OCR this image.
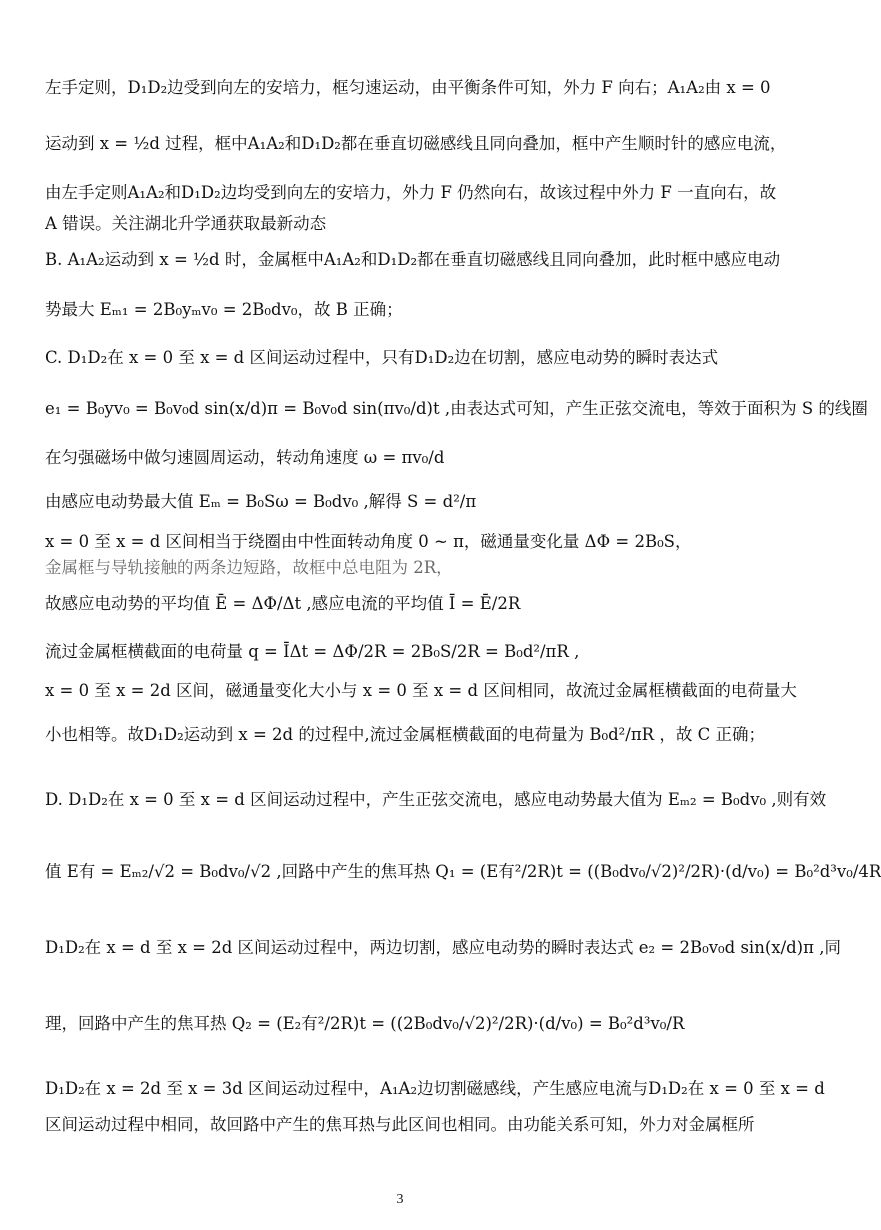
左手定则，D₁D₂边受到向左的安培力，框匀速运动，由平衡条件可知，外力 F 向右；A₁A₂由 x = 0
运动到 x = ½d 过程，框中A₁A₂和D₁D₂都在垂直切磁感线且同向叠加，框中产生顺时针的感应电流，
由左手定则A₁A₂和D₁D₂边均受到向左的安培力，外力 F 仍然向右，故该过程中外力 F 一直向右，故
A 错误。关注湖北升学通获取最新动态
B. A₁A₂运动到 x = ½d 时，金属框中A₁A₂和D₁D₂都在垂直切磁感线且同向叠加，此时框中感应电动
势最大 Eₘ₁ = 2B₀yₘv₀ = 2B₀dv₀，故 B 正确；
C. D₁D₂在 x = 0 至 x = d 区间运动过程中，只有D₁D₂边在切割，感应电动势的瞬时表达式
e₁ = B₀yv₀ = B₀v₀d sin(x/d)π = B₀v₀d sin(πv₀/d)t ,由表达式可知，产生正弦交流电，等效于面积为 S 的线圈
在匀强磁场中做匀速圆周运动，转动角速度 ω = πv₀/d
由感应电动势最大值 Eₘ = B₀Sω = B₀dv₀ ,解得 S = d²/π
x = 0 至 x = d 区间相当于绕圈由中性面转动角度 0 ~ π，磁通量变化量 ΔΦ = 2B₀S，
金属框与导轨接触的两条边短路，故框中总电阻为 2R，
故感应电动势的平均值 Ē = ΔΦ/Δt ,感应电流的平均值 Ī = Ē/2R
流过金属框横截面的电荷量 q = ĪΔt = ΔΦ/2R = 2B₀S/2R = B₀d²/πR ,
x = 0 至 x = 2d 区间，磁通量变化大小与 x = 0 至 x = d 区间相同，故流过金属框横截面的电荷量大
小也相等。故D₁D₂运动到 x = 2d 的过程中,流过金属框横截面的电荷量为 B₀d²/πR ，故 C 正确；
D. D₁D₂在 x = 0 至 x = d 区间运动过程中，产生正弦交流电，感应电动势最大值为 Eₘ₂ = B₀dv₀ ,则有效
值 E有 = Eₘ₂/√2 = B₀dv₀/√2 ,回路中产生的焦耳热 Q₁ = (E有²/2R)t = ((B₀dv₀/√2)²/2R)·(d/v₀) = B₀²d³v₀/4R
D₁D₂在 x = d 至 x = 2d 区间运动过程中，两边切割，感应电动势的瞬时表达式 e₂ = 2B₀v₀d sin(x/d)π ,同
理，回路中产生的焦耳热 Q₂ = (E₂有²/2R)t = ((2B₀dv₀/√2)²/2R)·(d/v₀) = B₀²d³v₀/R
D₁D₂在 x = 2d 至 x = 3d 区间运动过程中，A₁A₂边切割磁感线，产生感应电流与D₁D₂在 x = 0 至 x = d
区间运动过程中相同，故回路中产生的焦耳热与此区间也相同。由功能关系可知，外力对金属框所
3
